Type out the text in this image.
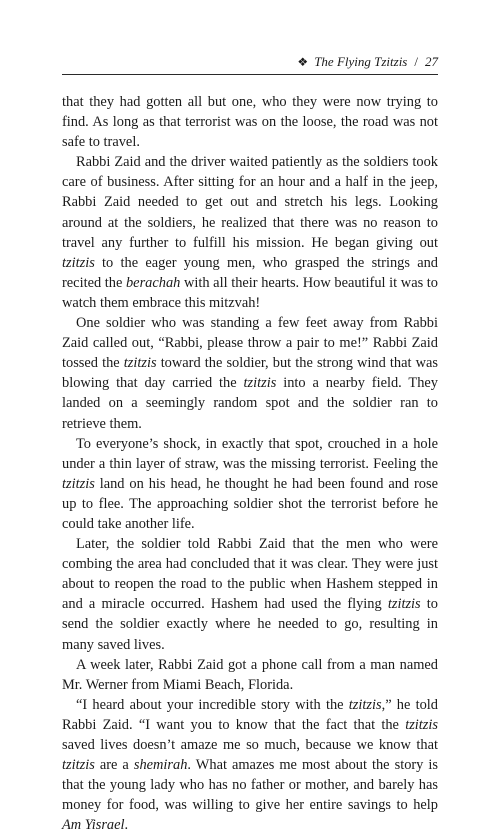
❖ The Flying Tzitzis / 27

that they had gotten all but one, who they were now trying to find. As long as that terrorist was on the loose, the road was not safe to travel.

Rabbi Zaid and the driver waited patiently as the soldiers took care of business. After sitting for an hour and a half in the jeep, Rabbi Zaid needed to get out and stretch his legs. Looking around at the soldiers, he realized that there was no reason to travel any further to fulfill his mission. He began giving out tzitzis to the eager young men, who grasped the strings and recited the berachah with all their hearts. How beautiful it was to watch them embrace this mitzvah!

One soldier who was standing a few feet away from Rabbi Zaid called out, “Rabbi, please throw a pair to me!” Rabbi Zaid tossed the tzitzis toward the soldier, but the strong wind that was blowing that day carried the tzitzis into a nearby field. They landed on a seemingly random spot and the soldier ran to retrieve them.

To everyone’s shock, in exactly that spot, crouched in a hole under a thin layer of straw, was the missing terrorist. Feeling the tzitzis land on his head, he thought he had been found and rose up to flee. The approaching soldier shot the terrorist before he could take another life.

Later, the soldier told Rabbi Zaid that the men who were combing the area had concluded that it was clear. They were just about to reopen the road to the public when Hashem stepped in and a miracle occurred. Hashem had used the flying tzitzis to send the soldier exactly where he needed to go, resulting in many saved lives.

A week later, Rabbi Zaid got a phone call from a man named Mr. Werner from Miami Beach, Florida.

“I heard about your incredible story with the tzitzis,” he told Rabbi Zaid. “I want you to know that the fact that the tzitzis saved lives doesn’t amaze me so much, because we know that tzitzis are a shemirah. What amazes me most about the story is that the young lady who has no father or mother, and barely has money for food, was willing to give her entire savings to help Am Yisrael.
